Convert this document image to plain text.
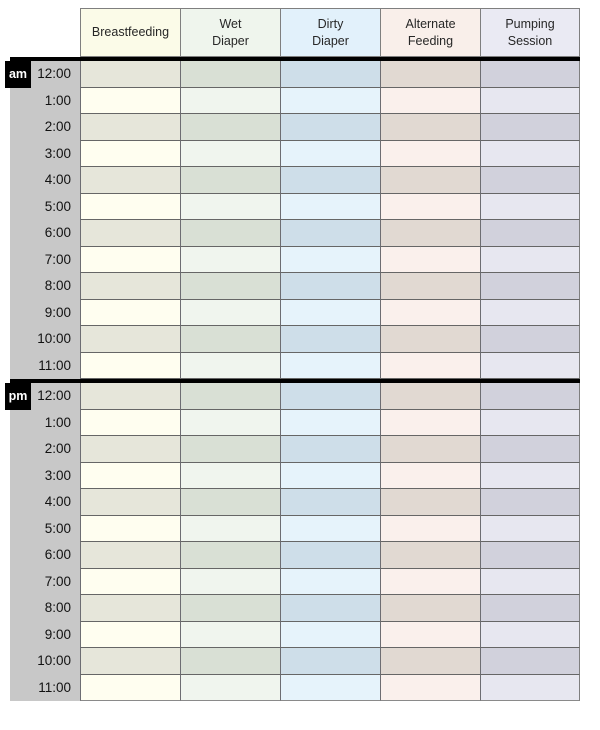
Breastfeeding
Wet
Diaper
Dirty
Diaper
Alternate
Feeding
Pumping
Session
am 12:00
1:00
2:00
3:00
4:00
5:00
6:00
7:00
8:00
9:00
10:00
11:00
pm 12:00
1:00
2:00
3:00
4:00
5:00
6:00
7:00
8:00
9:00
10:00
11:00
